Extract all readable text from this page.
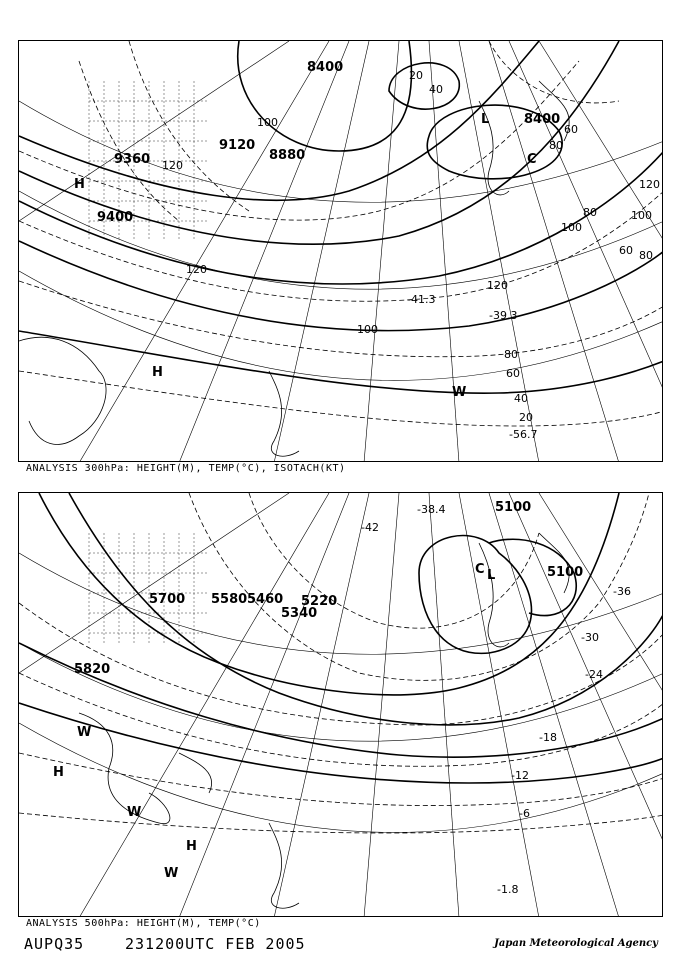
8400
9120
8880
9360
9400
8400
20
40
60
80
100
120
120
100
80
60
40
20
60
80
120
100
80
100
120
-39.3
-56.7
-41.3
L
C
H
H
W
ANALYSIS 300hPa: HEIGHT(M), TEMP(°C), ISOTACH(KT)
5700 5580
5820
5460
5340
5220
5100
5100
-42
-36
-30
-24
-18
-12
-6
-38.4
-1.8
C L
H
W
W
H
W
ANALYSIS 500hPa: HEIGHT(M), TEMP(°C)
AUPQ35	231200UTC FEB 2005	Japan Meteorological Agency
